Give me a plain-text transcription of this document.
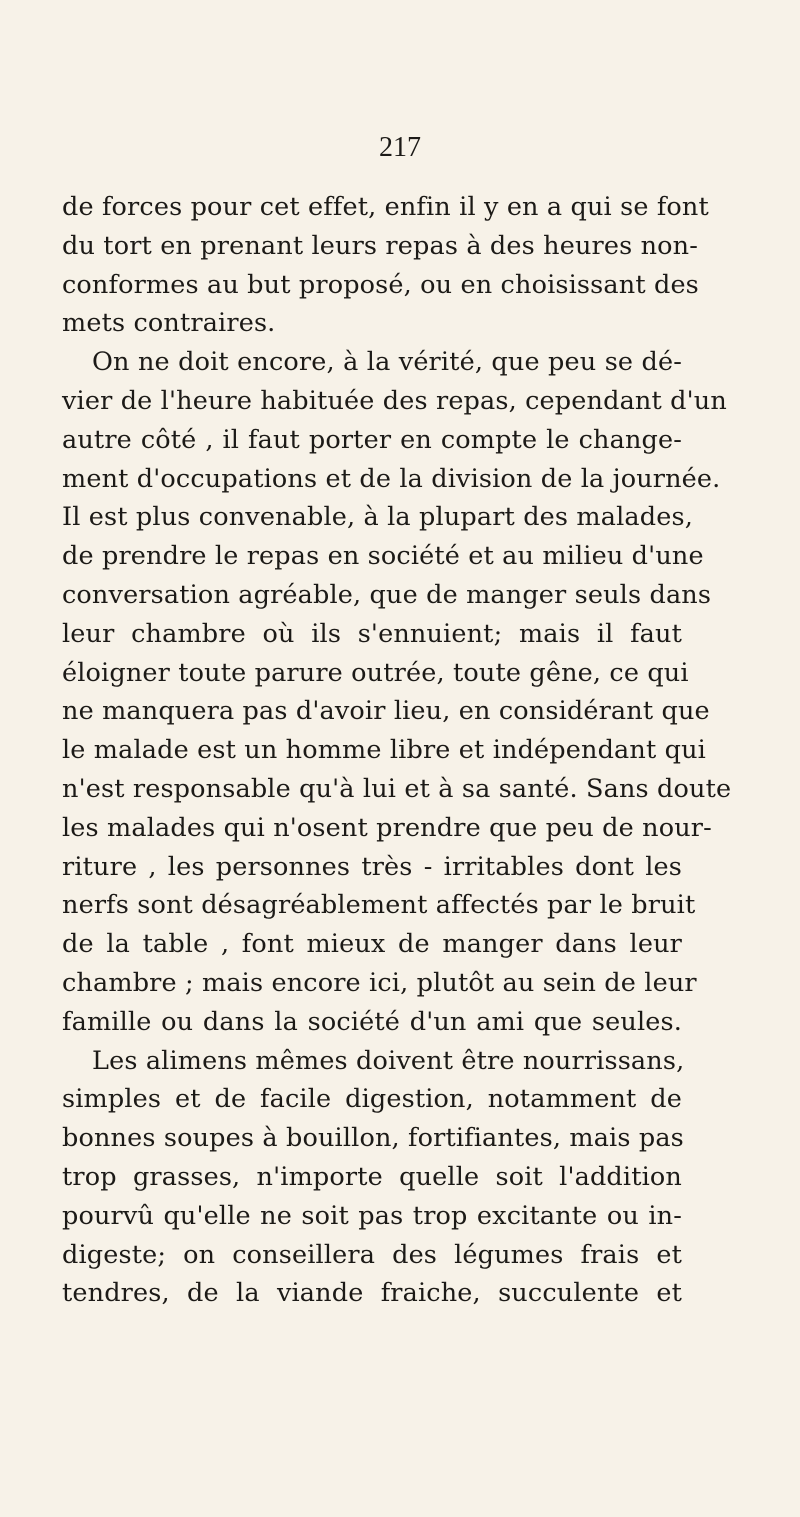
217
de forces pour cet effet, enfin il y en a qui se font
du tort en prenant leurs repas à des heures non-
conformes au but proposé, ou en choisissant des
mets contraires.
On ne doit encore, à la vérité, que peu se dé-
vier de l'heure habituée des repas, cependant d'un
autre côté , il faut porter en compte le change-
ment d'occupations et de la division de la journée.
Il est plus convenable, à la plupart des malades,
de prendre le repas en société et au milieu d'une
conversation agréable, que de manger seuls dans
leur chambre où ils s'ennuient; mais il faut
éloigner toute parure outrée, toute gêne, ce qui
ne manquera pas d'avoir lieu, en considérant que
le malade est un homme libre et indépendant qui
n'est responsable qu'à lui et à sa santé. Sans doute
les malades qui n'osent prendre que peu de nour-
riture , les personnes très - irritables dont les
nerfs sont désagréablement affectés par le bruit
de la table , font mieux de manger dans leur
chambre ; mais encore ici, plutôt au sein de leur
famille ou dans la société d'un ami que seules.
Les alimens mêmes doivent être nourrissans,
simples et de facile digestion, notamment de
bonnes soupes à bouillon, fortifiantes, mais pas
trop grasses, n'importe quelle soit l'addition
pourvû qu'elle ne soit pas trop excitante ou in-
digeste; on conseillera des légumes frais et
tendres, de la viande fraiche, succulente et
